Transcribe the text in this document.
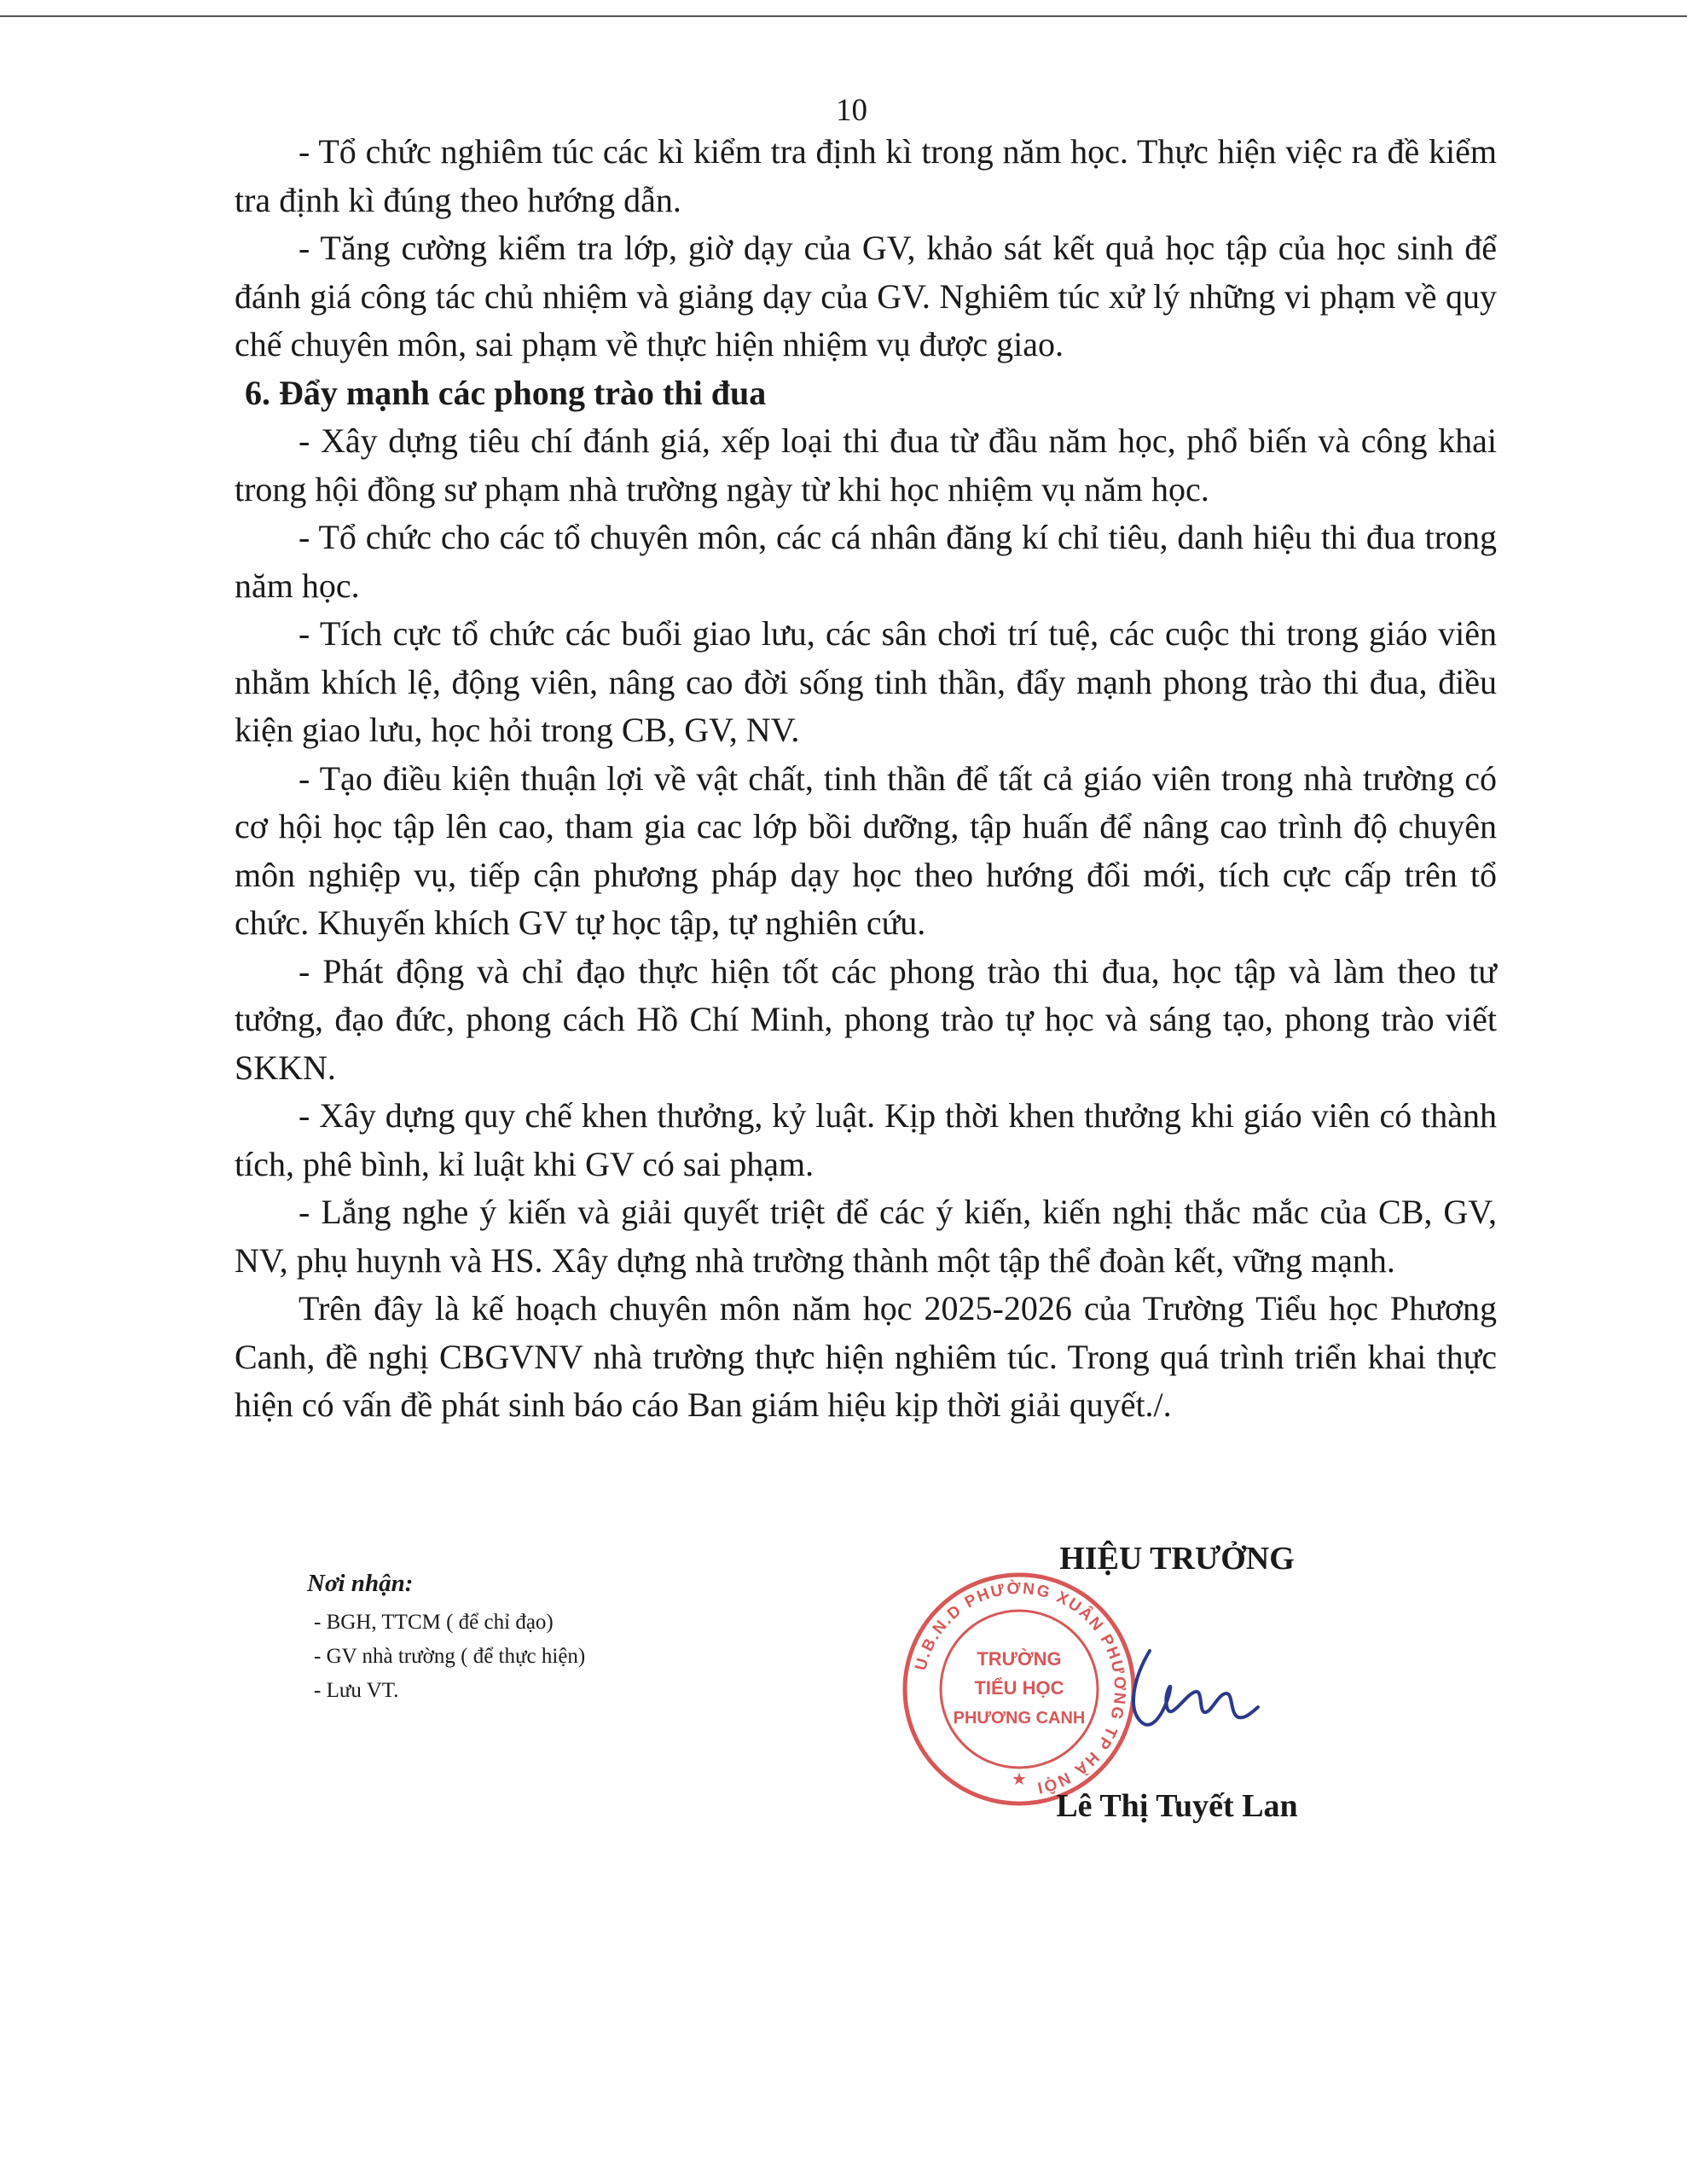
10

- Tổ chức nghiêm túc các kì kiểm tra định kì trong năm học. Thực hiện việc ra đề kiểm tra định kì đúng theo hướng dẫn.

- Tăng cường kiểm tra lớp, giờ dạy của GV, khảo sát kết quả học tập của học sinh để đánh giá công tác chủ nhiệm và giảng dạy của GV. Nghiêm túc xử lý những vi phạm về quy chế chuyên môn, sai phạm về thực hiện nhiệm vụ được giao.

6. Đẩy mạnh các phong trào thi đua

- Xây dựng tiêu chí đánh giá, xếp loại thi đua từ đầu năm học, phổ biến và công khai trong hội đồng sư phạm nhà trường ngày từ khi học nhiệm vụ năm học.

- Tổ chức cho các tổ chuyên môn, các cá nhân đăng kí chỉ tiêu, danh hiệu thi đua trong năm học.

- Tích cực tổ chức các buổi giao lưu, các sân chơi trí tuệ, các cuộc thi trong giáo viên nhằm khích lệ, động viên, nâng cao đời sống tinh thần, đẩy mạnh phong trào thi đua, điều kiện giao lưu, học hỏi trong CB, GV, NV.

- Tạo điều kiện thuận lợi về vật chất, tinh thần để tất cả giáo viên trong nhà trường có cơ hội học tập lên cao, tham gia cac lớp bồi dưỡng, tập huấn để nâng cao trình độ chuyên môn nghiệp vụ, tiếp cận phương pháp dạy học theo hướng đổi mới, tích cực cấp trên tổ chức. Khuyến khích GV tự học tập, tự nghiên cứu.

- Phát động và chỉ đạo thực hiện tốt các phong trào thi đua, học tập và làm theo tư tưởng, đạo đức, phong cách Hồ Chí Minh, phong trào tự học và sáng tạo, phong trào viết SKKN.

- Xây dựng quy chế khen thưởng, kỷ luật. Kịp thời khen thưởng khi giáo viên có thành tích, phê bình, kỉ luật khi GV có sai phạm.

- Lắng nghe ý kiến và giải quyết triệt để các ý kiến, kiến nghị thắc mắc của CB, GV, NV, phụ huynh và HS. Xây dựng nhà trường thành một tập thể đoàn kết, vững mạnh.

Trên đây là kế hoạch chuyên môn năm học 2025-2026 của Trường Tiểu học Phương Canh, đề nghị CBGVNV nhà trường thực hiện nghiêm túc. Trong quá trình triển khai thực hiện có vấn đề phát sinh báo cáo Ban giám hiệu kịp thời giải quyết./.

Nơi nhận:
- BGH, TTCM ( để chỉ đạo)
- GV nhà trường ( để thực hiện)
- Lưu VT.
HIỆU TRƯỞNG
U.B.N.D PHƯỜNG XUÂN PHƯƠNG TP HÀ NỘI
TRƯỜNG
TIỂU HỌC
PHƯƠNG CANH
★
Lê Thị Tuyết Lan
